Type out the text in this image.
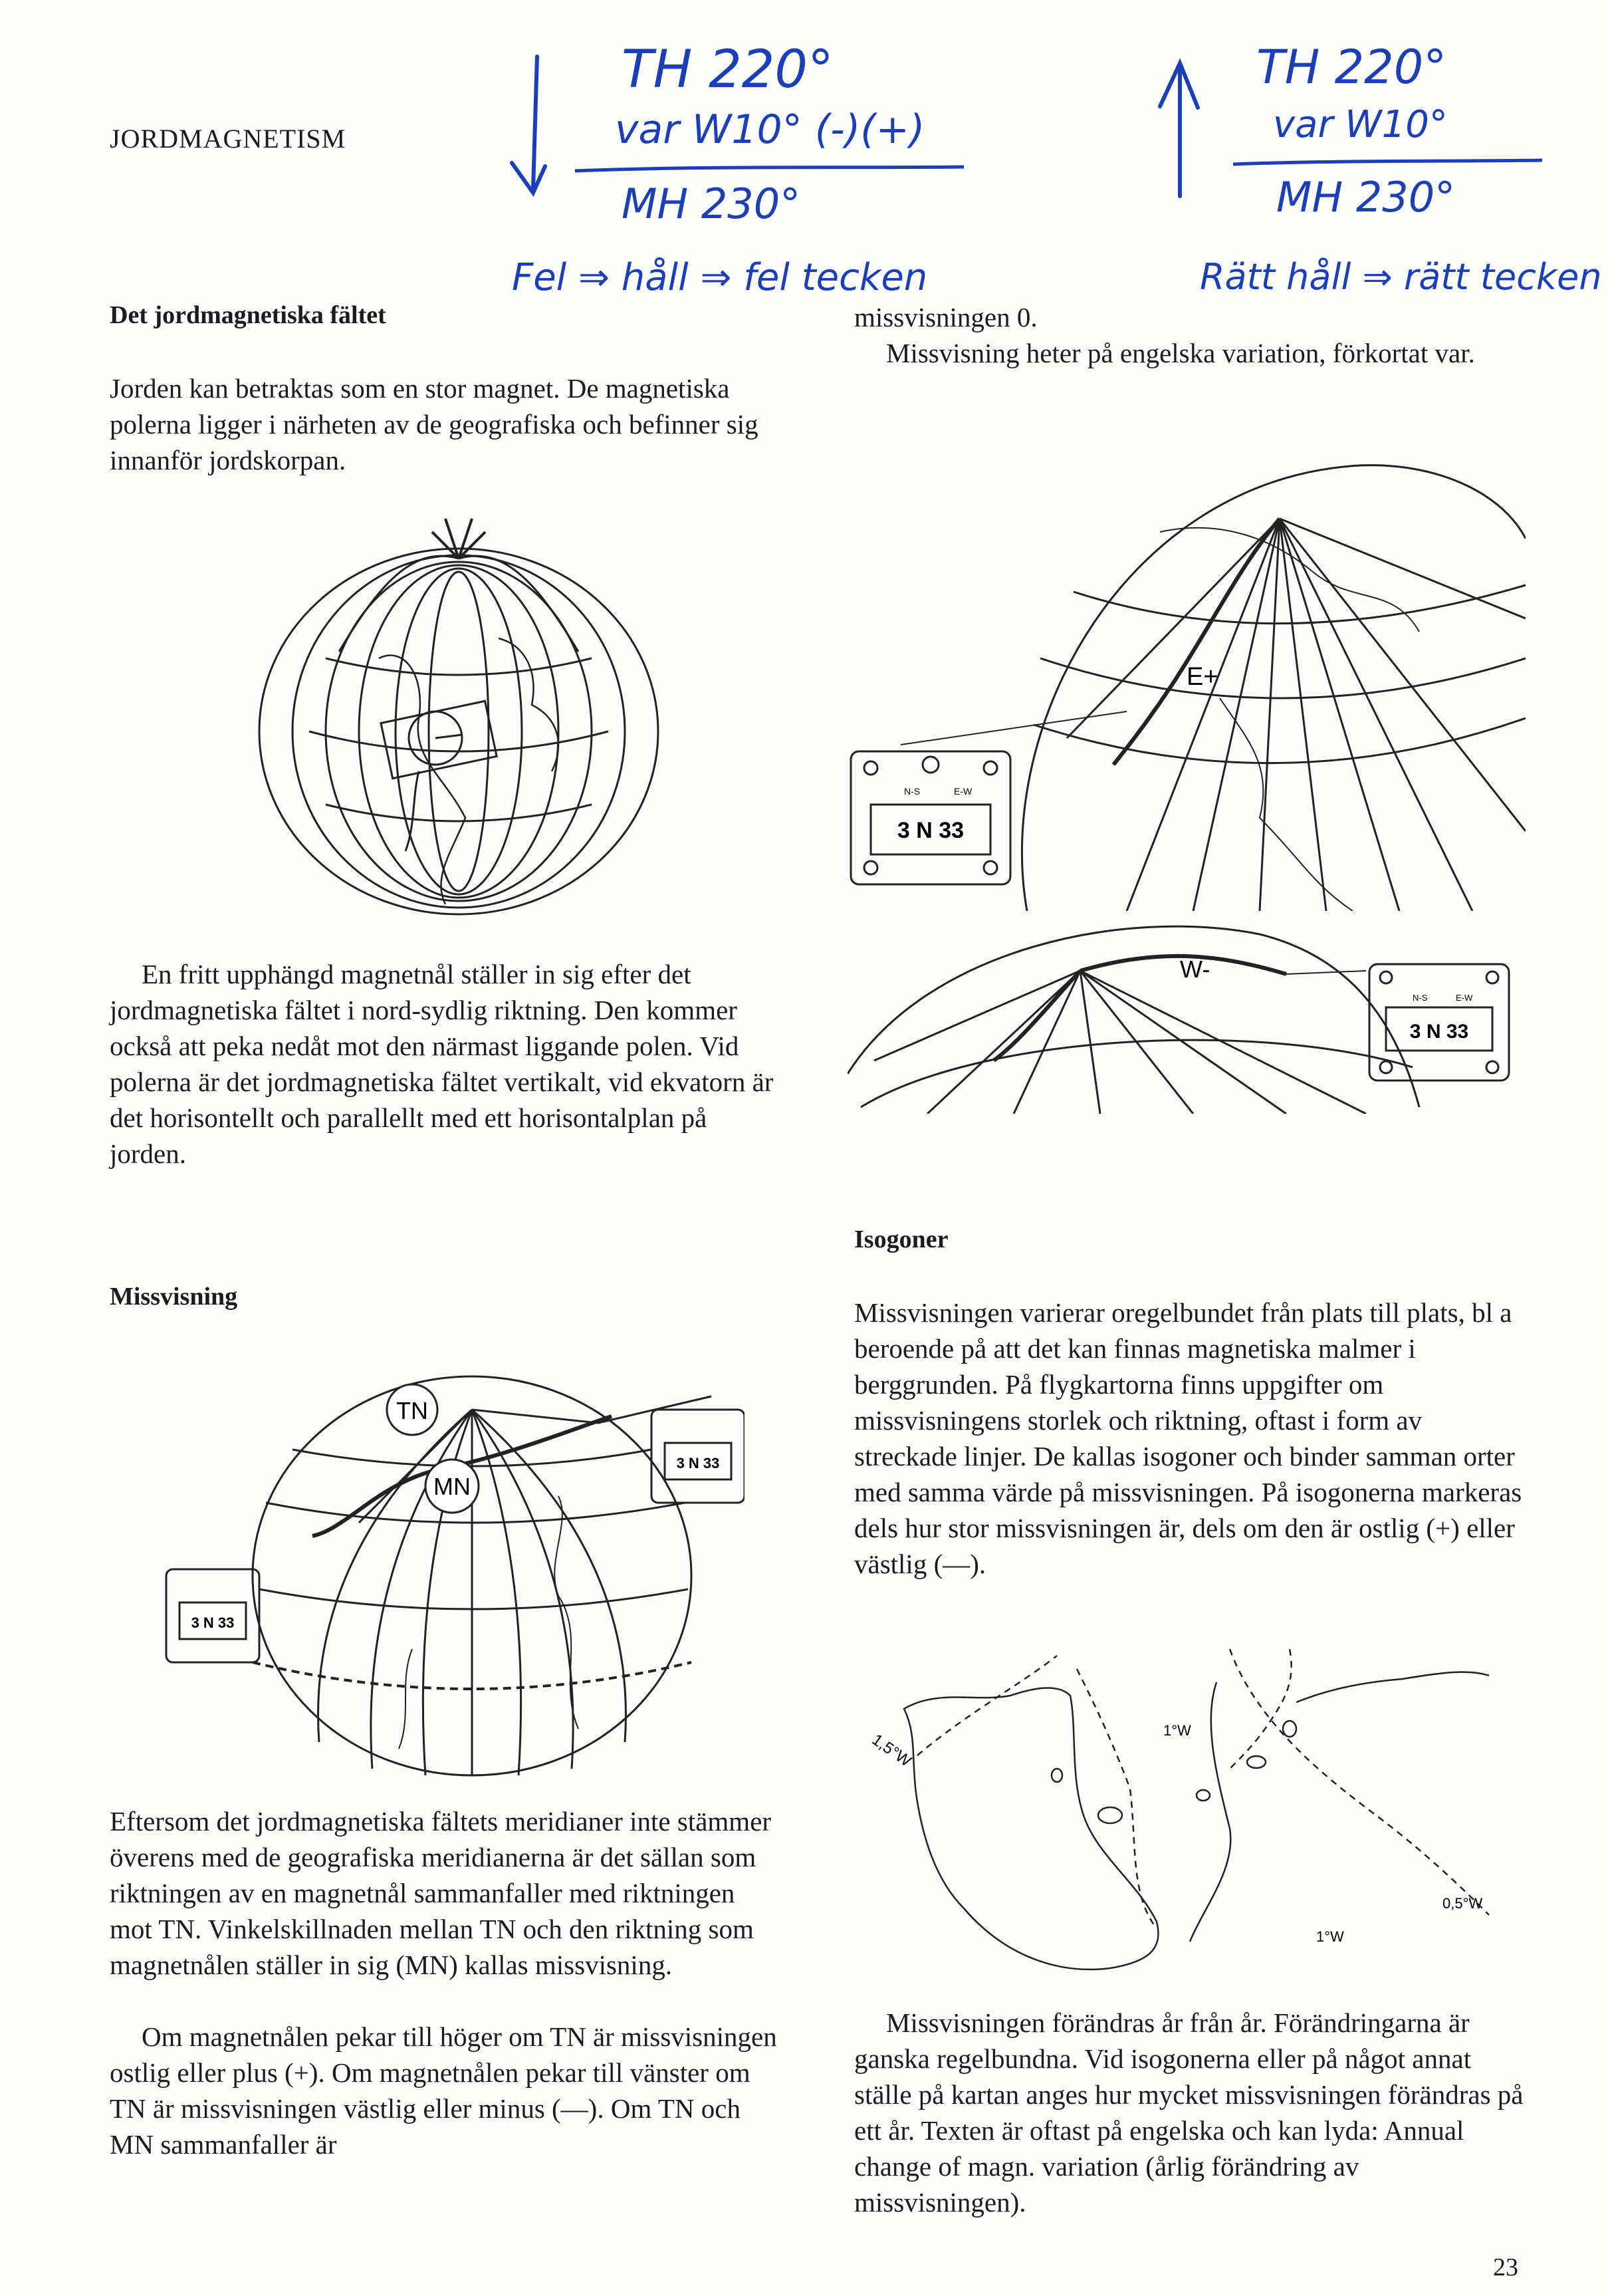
JORDMAGNETISM
TH 220°
var W10° (-)(+)
MH 230°
Fel ⇒ håll ⇒ fel tecken
TH 220°
var W10°
MH 230°
Rätt håll ⇒ rätt tecken
Det jordmagnetiska fältet

Jorden kan betraktas som en stor magnet. De magnetiska polerna ligger i närheten av de geografiska och befinner sig innanför jordskorpan.

En fritt upphängd magnetnål ställer in sig efter det jordmagnetiska fältet i nord-sydlig riktning. Den kommer också att peka nedåt mot den närmast liggande polen. Vid polerna är det jordmagnetiska fältet vertikalt, vid ekvatorn är det horisontellt och parallellt med ett horisontalplan på jorden.

Missvisning
TN
MN
3 N 33
3 N 33

Eftersom det jordmagnetiska fältets meridianer inte stämmer överens med de geografiska meridianerna är det sällan som riktningen av en magnetnål sammanfaller med riktningen mot TN. Vinkelskillnaden mellan TN och den riktning som magnetnålen ställer in sig (MN) kallas missvisning.

Om magnetnålen pekar till höger om TN är missvisningen ostlig eller plus (+). Om magnetnålen pekar till vänster om TN är missvisningen västlig eller minus (—). Om TN och MN sammanfaller är

missvisningen 0.

Missvisning heter på engelska variation, förkortat var.

E+
N-S	E-W
3 N 33
W-
N-S	E-W
3 N 33
Isogoner

Missvisningen varierar oregelbundet från plats till plats, bl a beroende på att det kan finnas magnetiska malmer i berggrunden. På flygkartorna finns uppgifter om missvisningens storlek och riktning, oftast i form av streckade linjer. De kallas isogoner och binder samman orter med samma värde på missvisningen. På isogonerna markeras dels hur stor missvisningen är, dels om den är ostlig (+) eller västlig (—).

1,5°W
1°W
1°W
0,5°W

Missvisningen förändras år från år. Förändringarna är ganska regelbundna. Vid isogonerna eller på något annat ställe på kartan anges hur mycket missvisningen förändras på ett år. Texten är oftast på engelska och kan lyda: Annual change of magn. variation (årlig förändring av missvisningen).

23
